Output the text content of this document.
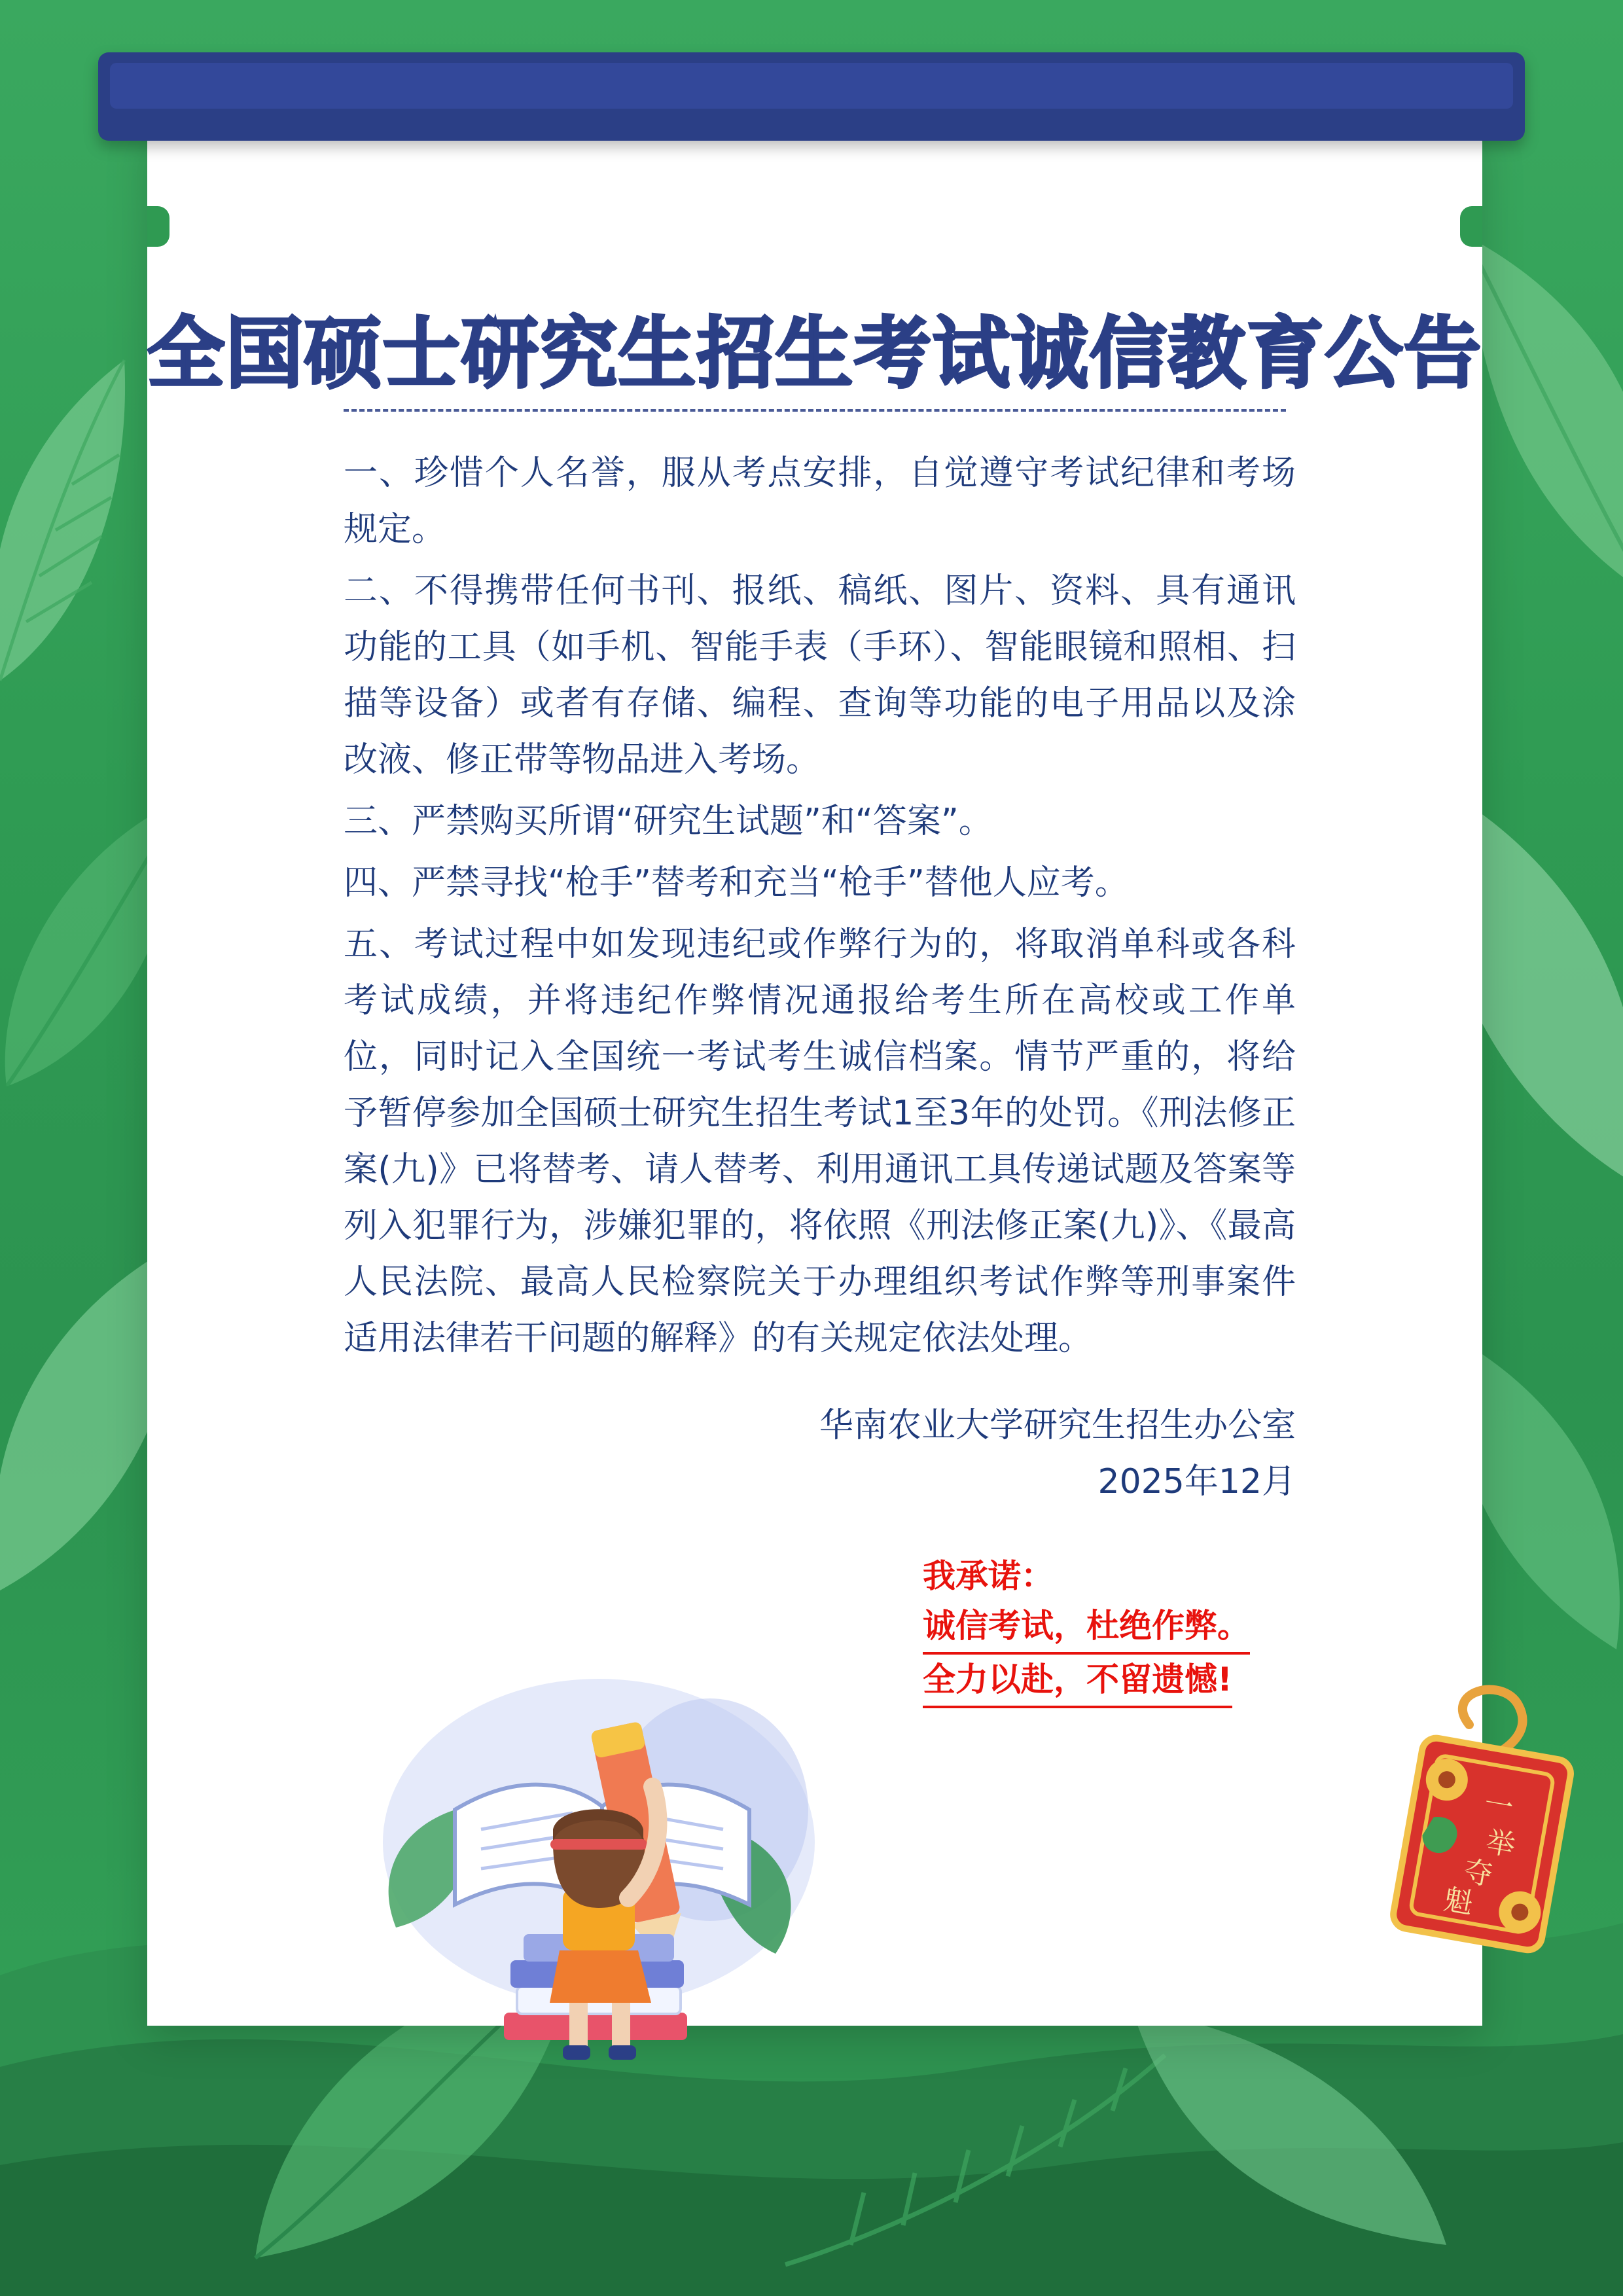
全国硕士研究生招生考试诚信教育公告

一、珍惜个人名誉，服从考点安排，自觉遵守考试纪律和考场规定。

二、不得携带任何书刊、报纸、稿纸、图片、资料、具有通讯功能的工具（如手机、智能手表（手环）、智能眼镜和照相、扫描等设备）或者有存储、编程、查询等功能的电子用品以及涂改液、修正带等物品进入考场。

三、严禁购买所谓“研究生试题”和“答案”。

四、严禁寻找“枪手”替考和充当“枪手”替他人应考。

五、考试过程中如发现违纪或作弊行为的，将取消单科或各科考试成绩，并将违纪作弊情况通报给考生所在高校或工作单位，同时记入全国统一考试考生诚信档案。情节严重的，将给予暂停参加全国硕士研究生招生考试1至3年的处罚。《刑法修正案(九)》已将替考、请人替考、利用通讯工具传递试题及答案等列入犯罪行为，涉嫌犯罪的，将依照《刑法修正案(九)》、《最高人民法院、最高人民检察院关于办理组织考试作弊等刑事案件适用法律若干问题的解释》的有关规定依法处理。

华南农业大学研究生招生办公室
2025年12月
我承诺：
诚信考试，杜绝作弊。
全力以赴，不留遗憾!
一
举
夺
魁
